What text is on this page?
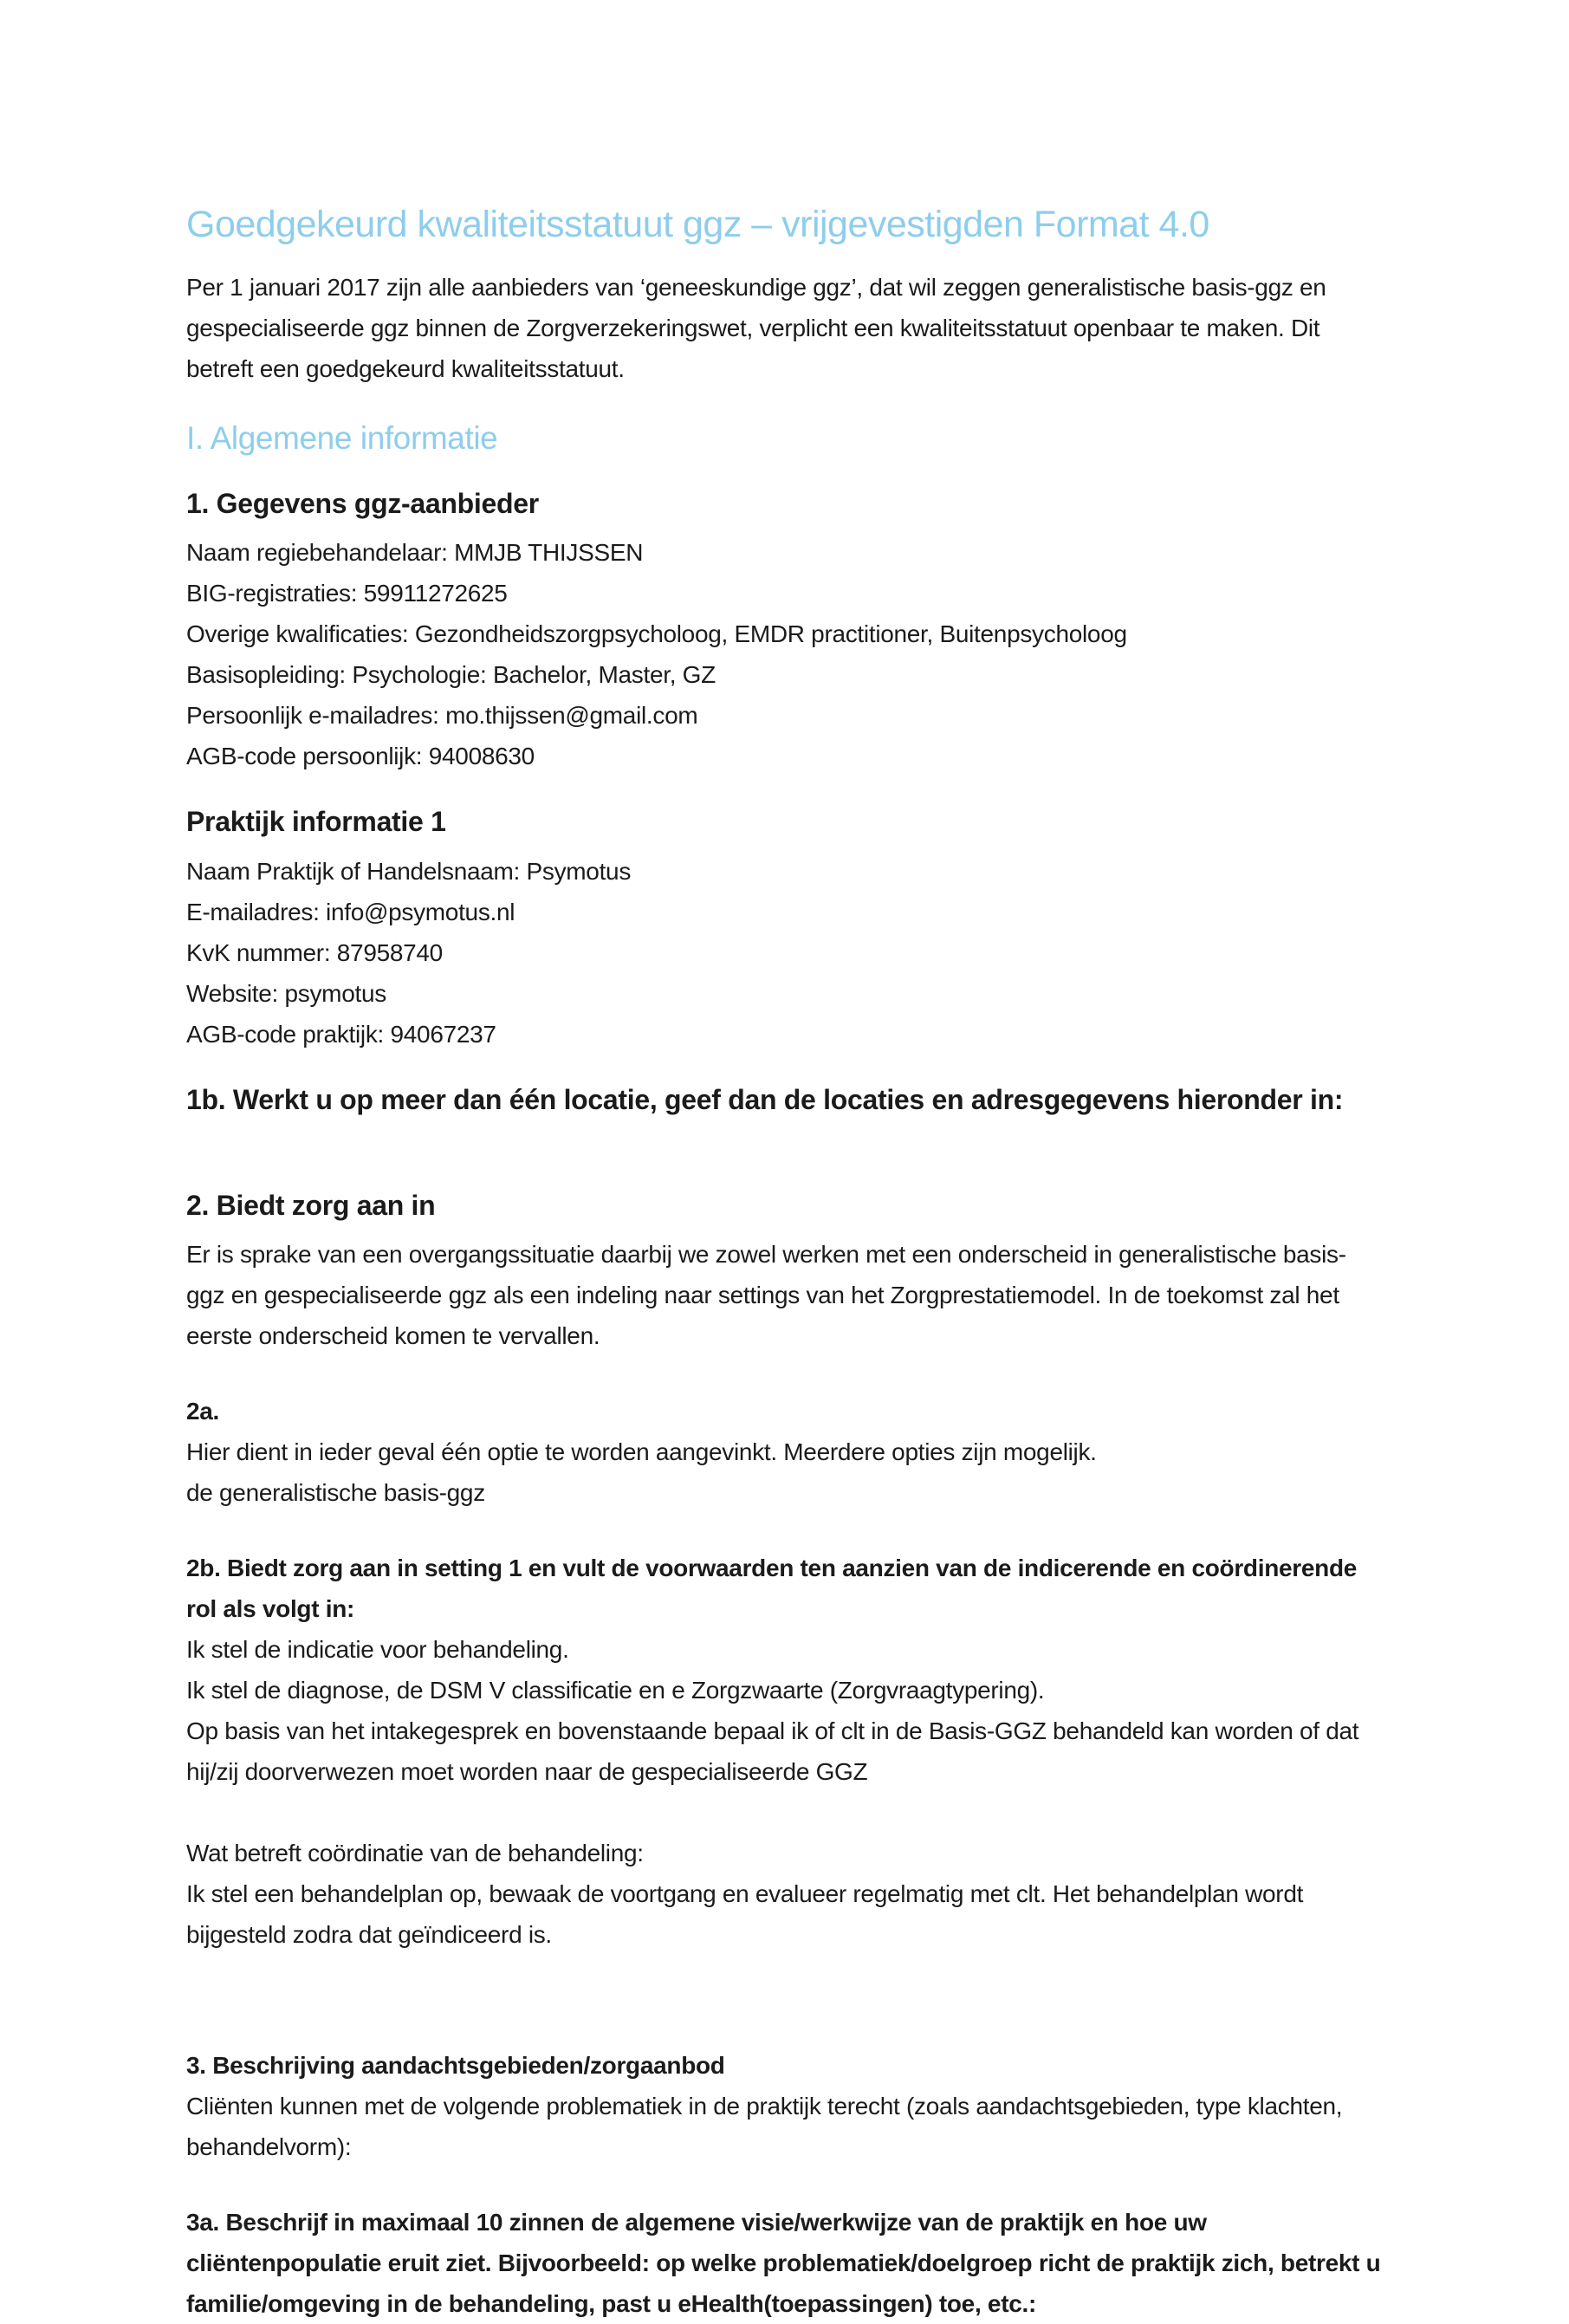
Goedgekeurd kwaliteitsstatuut ggz – vrijgevestigden Format 4.0

Per 1 januari 2017 zijn alle aanbieders van ‘geneeskundige ggz’, dat wil zeggen generalistische basis-ggz en gespecialiseerde ggz binnen de Zorgverzekeringswet, verplicht een kwaliteitsstatuut openbaar te maken. Dit betreft een goedgekeurd kwaliteitsstatuut.

I. Algemene informatie
1. Gegevens ggz-aanbieder
Naam regiebehandelaar: MMJB THIJSSEN
BIG-registraties: 59911272625
Overige kwalificaties: Gezondheidszorgpsycholoog, EMDR practitioner, Buitenpsycholoog
Basisopleiding: Psychologie: Bachelor, Master, GZ
Persoonlijk e-mailadres: mo.thijssen@gmail.com
AGB-code persoonlijk: 94008630
Praktijk informatie 1
Naam Praktijk of Handelsnaam: Psymotus
E-mailadres: info@psymotus.nl
KvK nummer: 87958740
Website: psymotus
AGB-code praktijk: 94067237
1b. Werkt u op meer dan één locatie, geef dan de locaties en adresgegevens hieronder in:
2. Biedt zorg aan in

Er is sprake van een overgangssituatie daarbij we zowel werken met een onderscheid in generalistische basis-ggz en gespecialiseerde ggz als een indeling naar settings van het Zorgprestatiemodel. In de toekomst zal het eerste onderscheid komen te vervallen.

2a.
Hier dient in ieder geval één optie te worden aangevinkt. Meerdere opties zijn mogelijk.
de generalistische basis-ggz
2b. Biedt zorg aan in setting 1 en vult de voorwaarden ten aanzien van de indicerende en coördinerende rol als volgt in:
Ik stel de indicatie voor behandeling.
Ik stel de diagnose, de DSM V classificatie en e Zorgzwaarte (Zorgvraagtypering).
Op basis van het intakegesprek en bovenstaande bepaal ik of clt in de Basis-GGZ behandeld kan worden of dat hij/zij doorverwezen moet worden naar de gespecialiseerde GGZ
Wat betreft coördinatie van de behandeling:

Ik stel een behandelplan op, bewaak de voortgang en evalueer regelmatig met clt. Het behandelplan wordt bijgesteld zodra dat geïndiceerd is.

3. Beschrijving aandachtsgebieden/zorgaanbod

Cliënten kunnen met de volgende problematiek in de praktijk terecht (zoals aandachtsgebieden, type klachten, behandelvorm):

3a. Beschrijf in maximaal 10 zinnen de algemene visie/werkwijze van de praktijk en hoe uw cliëntenpopulatie eruit ziet. Bijvoorbeeld: op welke problematiek/doelgroep richt de praktijk zich, betrekt u familie/omgeving in de behandeling, past u eHealth(toepassingen) toe, etc.:
